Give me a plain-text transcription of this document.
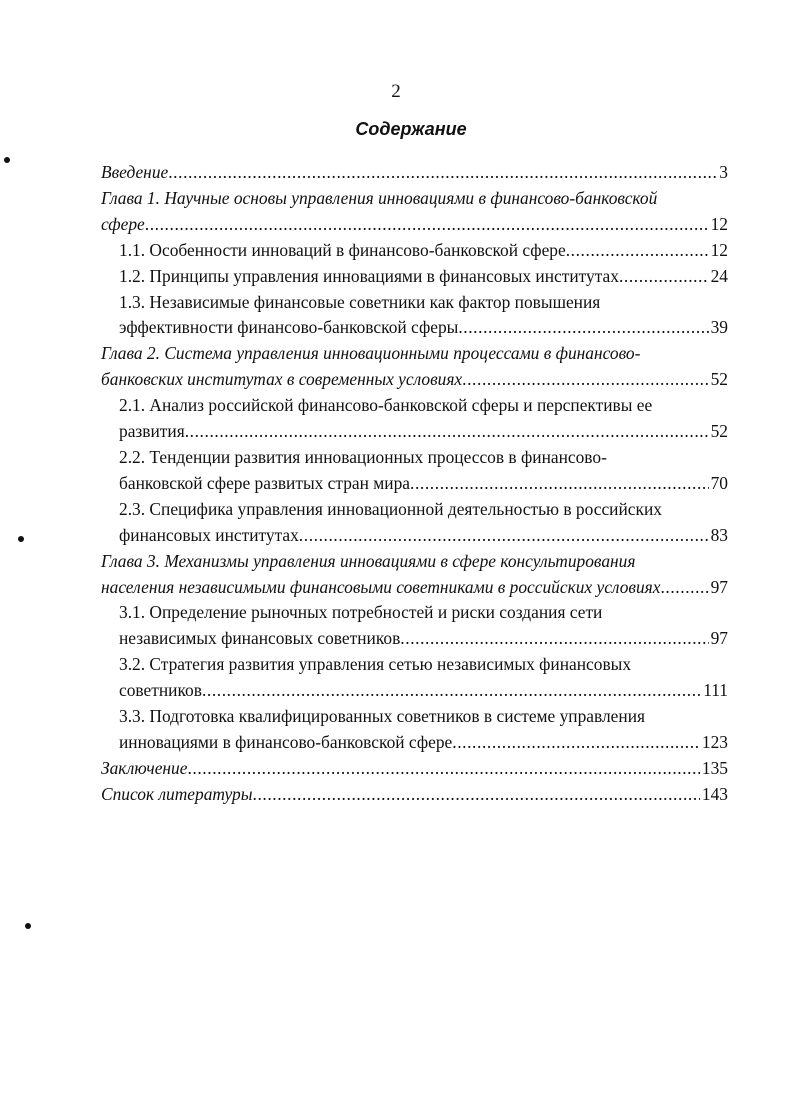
2
Содержание
Введение .....	3
Глава 1. Научные основы управления инновациями в финансово-банковской
сфере .....	12
1.1. Особенности инноваций в финансово-банковской сфере .....	12
1.2. Принципы управления инновациями в финансовых институтах .....	24
1.3. Независимые финансовые советники как фактор повышения
эффективности финансово-банковской сферы .....	39
Глава 2. Система управления инновационными процессами в финансово-
банковских институтах в современных условиях .....	52
2.1. Анализ российской финансово-банковской сферы и перспективы ее
развития .....	52
2.2. Тенденции развития инновационных процессов в финансово-
банковской сфере развитых стран мира .....	70
2.3. Специфика управления инновационной деятельностью в российских
финансовых институтах .....	83
Глава 3. Механизмы управления инновациями в сфере консультирования
населения независимыми финансовыми советниками в российских условиях .....	97
3.1. Определение рыночных потребностей и риски создания сети
независимых финансовых советников .....	97
3.2. Стратегия развития управления сетью независимых финансовых
советников .....	111
3.3. Подготовка квалифицированных советников в системе управления
инновациями в финансово-банковской сфере .....	123
Заключение .....	135
Список литературы .....	143
